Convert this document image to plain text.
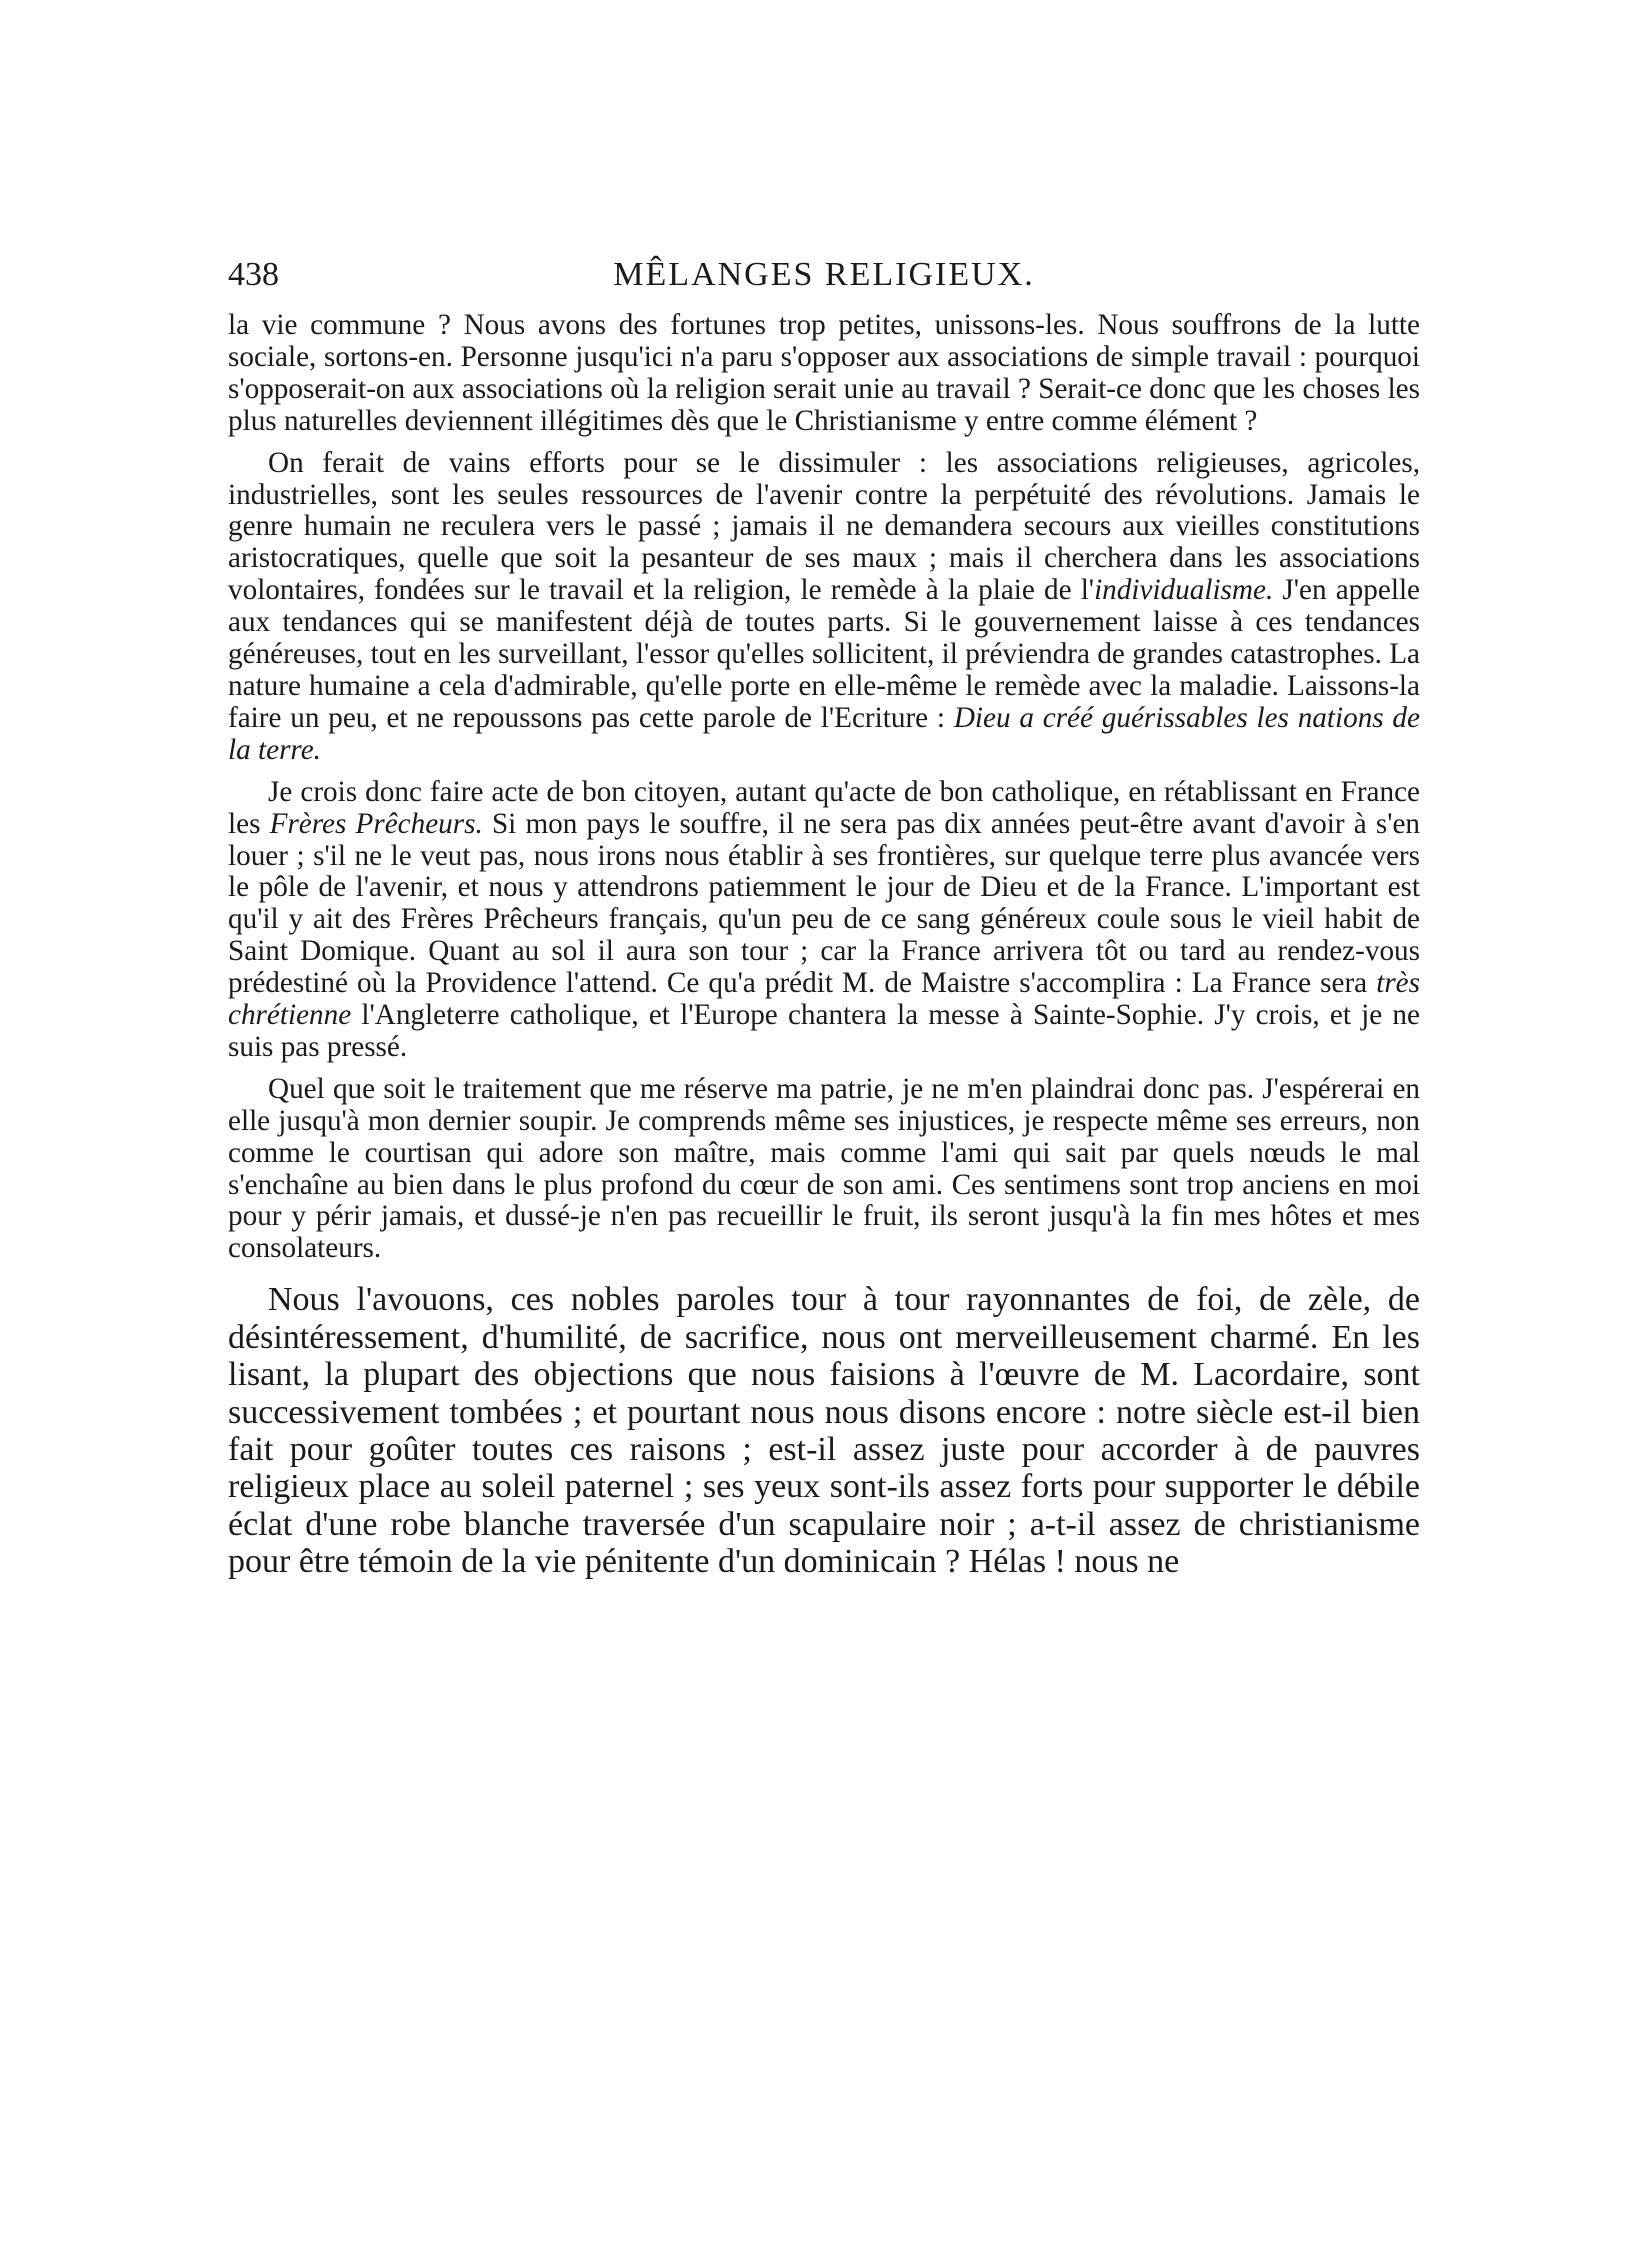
438	MÊLANGES RELIGIEUX.

la vie commune ? Nous avons des fortunes trop petites, unissons-les. Nous souffrons de la lutte sociale, sortons-en. Personne jusqu'ici n'a paru s'opposer aux associations de simple travail : pourquoi s'opposerait-on aux associations où la religion serait unie au travail ? Serait-ce donc que les choses les plus naturelles deviennent illégitimes dès que le Christianisme y entre comme élément ?

On ferait de vains efforts pour se le dissimuler : les associations religieuses, agricoles, industrielles, sont les seules ressources de l'avenir contre la perpétuité des révolutions. Jamais le genre humain ne reculera vers le passé ; jamais il ne demandera secours aux vieilles constitutions aristocratiques, quelle que soit la pesanteur de ses maux ; mais il cherchera dans les associations volontaires, fondées sur le travail et la religion, le remède à la plaie de l'individualisme. J'en appelle aux tendances qui se manifestent déjà de toutes parts. Si le gouvernement laisse à ces tendances généreuses, tout en les surveillant, l'essor qu'elles sollicitent, il préviendra de grandes catastrophes. La nature humaine a cela d'admirable, qu'elle porte en elle-même le remède avec la maladie. Laissons-la faire un peu, et ne repoussons pas cette parole de l'Ecriture : Dieu a créé guérissables les nations de la terre.

Je crois donc faire acte de bon citoyen, autant qu'acte de bon catholique, en rétablissant en France les Frères Prêcheurs. Si mon pays le souffre, il ne sera pas dix années peut-être avant d'avoir à s'en louer ; s'il ne le veut pas, nous irons nous établir à ses frontières, sur quelque terre plus avancée vers le pôle de l'avenir, et nous y attendrons patiemment le jour de Dieu et de la France. L'important est qu'il y ait des Frères Prêcheurs français, qu'un peu de ce sang généreux coule sous le vieil habit de Saint Domique. Quant au sol il aura son tour ; car la France arrivera tôt ou tard au rendez-vous prédestiné où la Providence l'attend. Ce qu'a prédit M. de Maistre s'accomplira : La France sera très chrétienne l'Angleterre catholique, et l'Europe chantera la messe à Sainte-Sophie. J'y crois, et je ne suis pas pressé.

Quel que soit le traitement que me réserve ma patrie, je ne m'en plaindrai donc pas. J'espérerai en elle jusqu'à mon dernier soupir. Je comprends même ses injustices, je respecte même ses erreurs, non comme le courtisan qui adore son maître, mais comme l'ami qui sait par quels nœuds le mal s'enchaîne au bien dans le plus profond du cœur de son ami. Ces sentimens sont trop anciens en moi pour y périr jamais, et dussé-je n'en pas recueillir le fruit, ils seront jusqu'à la fin mes hôtes et mes consolateurs.

Nous l'avouons, ces nobles paroles tour à tour rayonnantes de foi, de zèle, de désintéressement, d'humilité, de sacrifice, nous ont merveilleusement charmé. En les lisant, la plupart des objections que nous faisions à l'œuvre de M. Lacordaire, sont successivement tombées ; et pourtant nous nous disons encore : notre siècle est-il bien fait pour goûter toutes ces raisons ; est-il assez juste pour accorder à de pauvres religieux place au soleil paternel ; ses yeux sont-ils assez forts pour supporter le débile éclat d'une robe blanche traversée d'un scapulaire noir ; a-t-il assez de christianisme pour être témoin de la vie pénitente d'un dominicain ? Hélas ! nous ne
